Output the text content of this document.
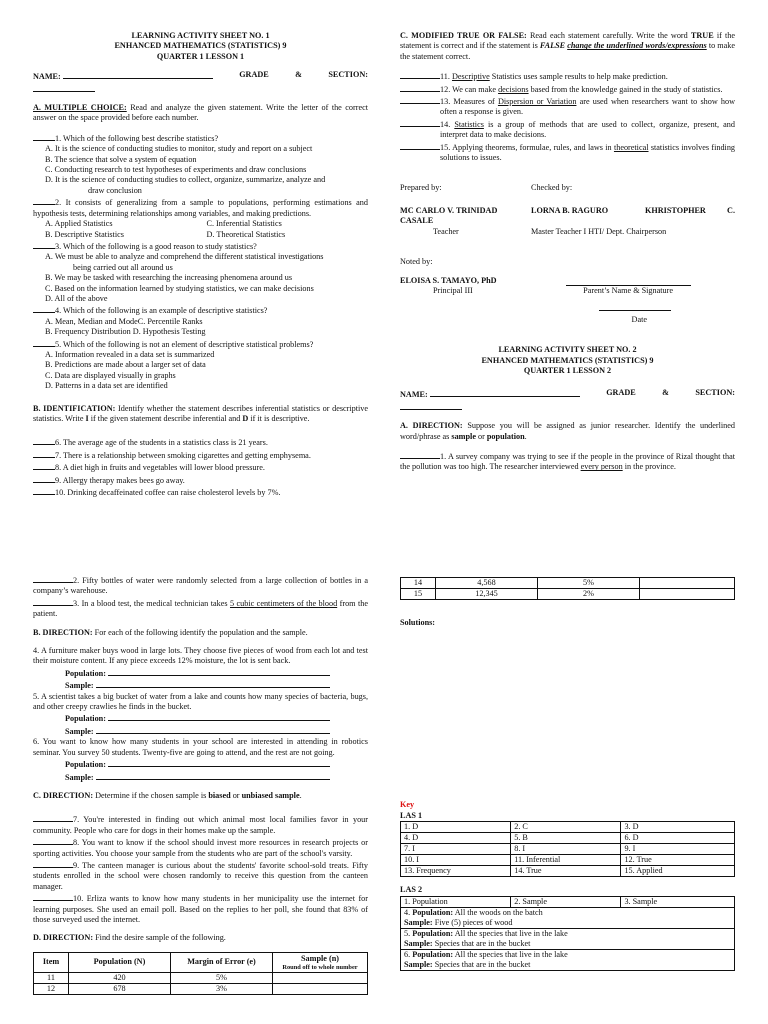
LEARNING ACTIVITY SHEET NO. 1
ENHANCED MATHEMATICS (STATISTICS) 9
QUARTER 1 LESSON 1
NAME:	GRADE	&	SECTION:
A. MULTIPLE CHOICE: Read and analyze the given statement. Write the letter of the correct answer on the space provided before each number.
1. Which of the following best describe statistics?
A. It is the science of conducting studies to monitor, study and report on a subject
B. The science that solve a system of equation
C. Conducting research to test hypotheses of experiments and draw conclusions
D. It is the science of conducting studies to collect, organize, summarize, analyze and
draw conclusion
2. It consists of generalizing from a sample to populations, performing estimations and hypothesis tests, determining relationships among variables, and making predictions.
A. Applied Statistics	C. Inferential Statistics
B. Descriptive Statistics	D. Theoretical Statistics
3. Which of the following is a good reason to study statistics?
A. We must be able to analyze and comprehend the different statistical investigations
being carried out all around us
B. We may be tasked with researching the increasing phenomena around us
C. Based on the information learned by studying statistics, we can make decisions
D. All of the above
4. Which of the following is an example of descriptive statistics?
A. Mean, Median and ModeC. Percentile Ranks
B. Frequency Distribution D. Hypothesis Testing
5. Which of the following is not an element of descriptive statistical problems?
A. Information revealed in a data set is summarized
B. Predictions are made about a larger set of data
C. Data are displayed visually in graphs
D. Patterns in a data set are identified
B. IDENTIFICATION: Identify whether the statement describes inferential statistics or descriptive statistics. Write I if the given statement describe inferential and D if it is descriptive.
6. The average age of the students in a statistics class is 21 years.
7. There is a relationship between smoking cigarettes and getting emphysema.
8. A diet high in fruits and vegetables will lower blood pressure.
9. Allergy therapy makes bees go away.
10. Drinking decaffeinated coffee can raise cholesterol levels by 7%.
C. MODIFIED TRUE OR FALSE: Read each statement carefully. Write the word TRUE if the statement is correct and if the statement is FALSE change the underlined words/expressions to make the statement correct.
11. Descriptive Statistics uses sample results to help make prediction.
12. We can make decisions based from the knowledge gained in the study of statistics.
13. Measures of Dispersion or Variation are used when researchers want to show how often a response is given.
14. Statistics is a group of methods that are used to collect, organize, present, and interpret data to make decisions.
15. Applying theorems, formulae, rules, and laws in theoretical statistics involves finding solutions to issues.
Prepared by:	Checked by:
MC CARLO V. TRINIDAD	LORNA B. RAGURO	KHRISTOPHER	C.
CASALE
Teacher	Master Teacher I HTI/ Dept. Chairperson
Noted by:
ELOISA S. TAMAYO, PhD
Principal III	Parent’s Name & Signature
Date
LEARNING ACTIVITY SHEET NO. 2
ENHANCED MATHEMATICS (STATISTICS) 9
QUARTER 1 LESSON 2
NAME:	GRADE	&	SECTION:
A. DIRECTION: Suppose you will be assigned as junior researcher. Identify the underlined word/phrase as sample or population.
1. A survey company was trying to see if the people in the province of Rizal thought that the pollution was too high. The researcher interviewed every person in the province.
2. Fifty bottles of water were randomly selected from a large collection of bottles in a company’s warehouse.
3. In a blood test, the medical technician takes 5 cubic centimeters of the blood from the patient.
B. DIRECTION: For each of the following identify the population and the sample.
4. A furniture maker buys wood in large lots. They choose five pieces of wood from each lot and test their moisture content. If any piece exceeds 12% moisture, the lot is sent back.
Population:
Sample:
5. A scientist takes a big bucket of water from a lake and counts how many species of bacteria, bugs, and other creepy crawlies he finds in the bucket.
Population:
Sample:
6. You want to know how many students in your school are interested in attending in robotics seminar. You survey 50 students. Twenty-five are going to attend, and the rest are not going.
Population:
Sample:
C. DIRECTION: Determine if the chosen sample is biased or unbiased sample.
7. You're interested in finding out which animal most local families favor in your community. People who care for dogs in their homes make up the sample.
8. You want to know if the school should invest more resources in research projects or sporting activities. You choose your sample from the students who are part of the school's varsity.
9. The canteen manager is curious about the students' favorite school-sold treats. Fifty students enrolled in the school were chosen randomly to receive this question from the canteen manager.
10. Erliza wants to know how many students in her municipality use the internet for learning purposes. She used an email poll. Based on the replies to her poll, she found that 83% of those surveyed used the internet.
D. DIRECTION: Find the desire sample of the following.
Item	Population (N)	Margin of Error (e)	Sample (n)
Round off to whole number

11	420	5%	
12	678	3%	
14	4,568	5%	
15	12,345	2%	
Solutions:
Key
LAS 1
1. D	2. C	3. D
4. D	5. B	6. D
7. I	8. I	9. I
10. I	11. Inferential	12. True
13. Frequency	14. True	15. Applied
LAS 2
1. Population	2. Sample	3. Sample

4. Population: All the woods on the batch
Sample: Five (5) pieces of wood

5. Population: All the species that live in the lake
Sample: Species that are in the bucket

6. Population: All the species that live in the lake
Sample: Species that are in the bucket
